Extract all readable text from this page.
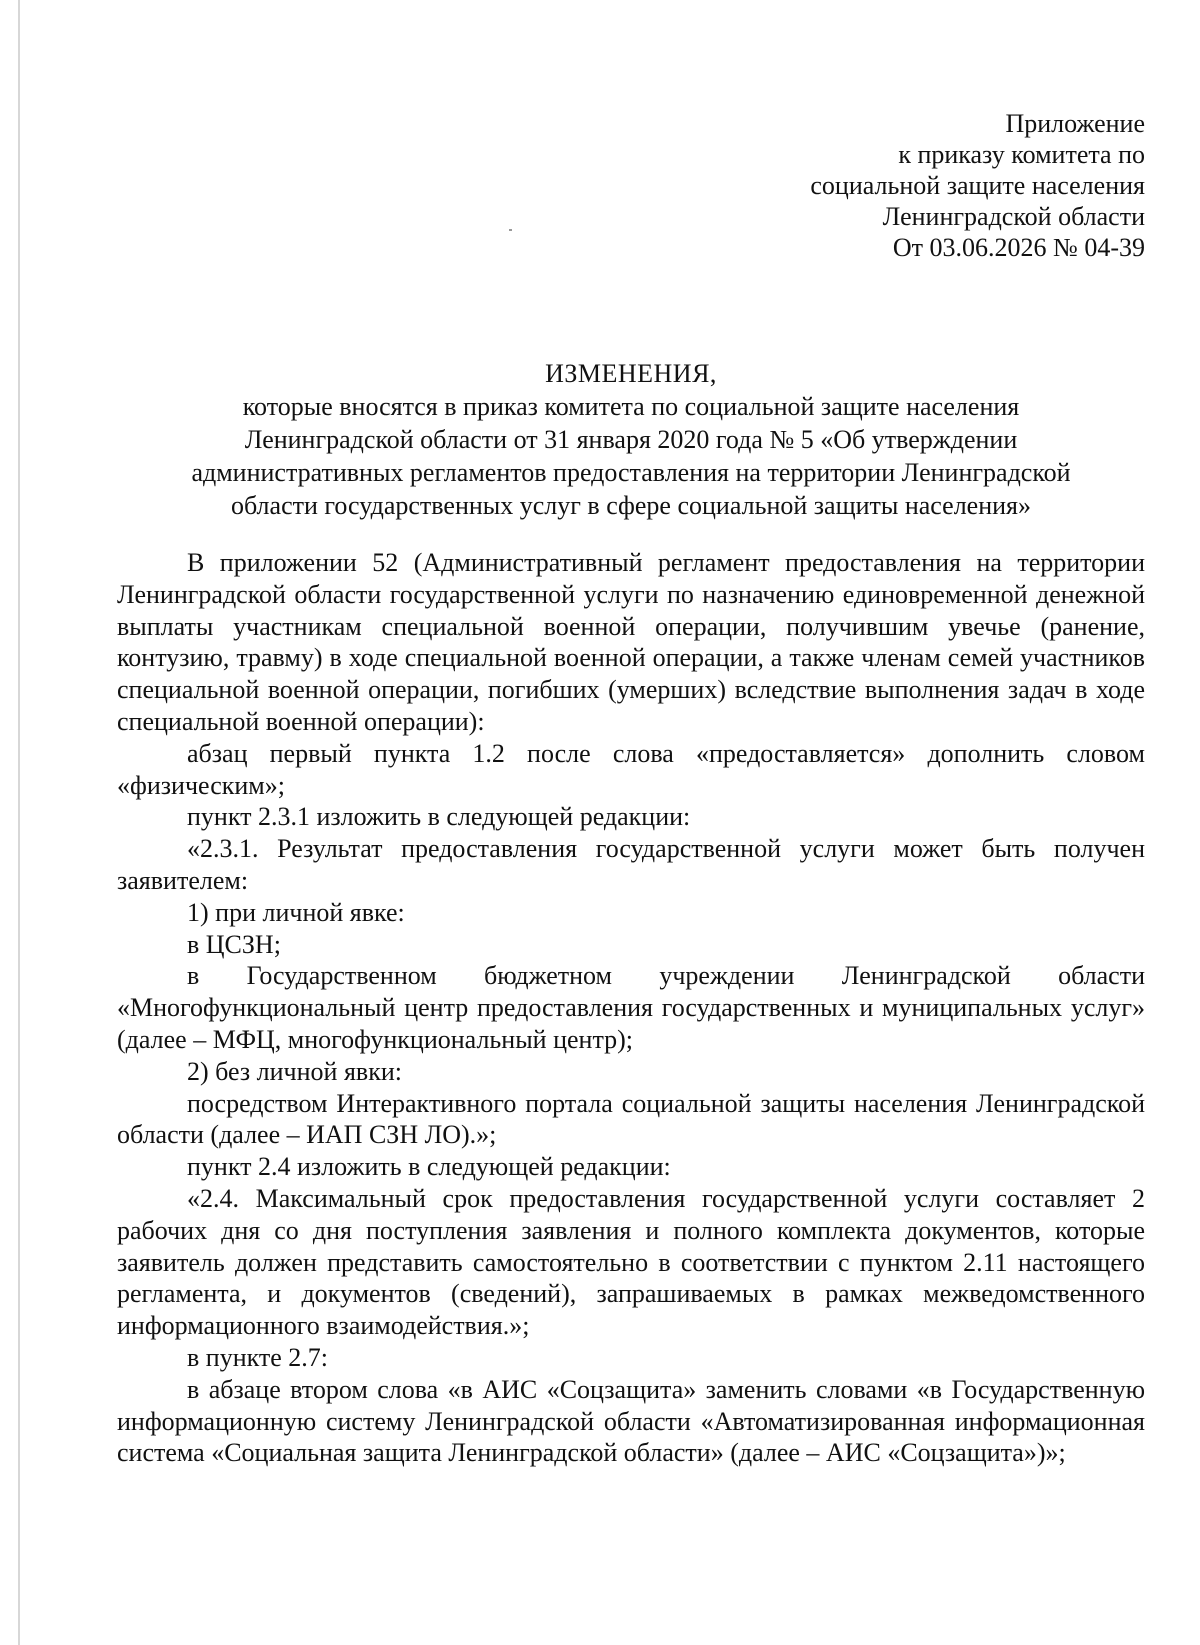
Приложение
к приказу комитета по
социальной защите населения
Ленинградской области
От 03.06.2026 № 04-39
ИЗМЕНЕНИЯ,
которые вносятся в приказ комитета по социальной защите населения
Ленинградской области от 31 января 2020 года № 5 «Об утверждении
административных регламентов предоставления на территории Ленинградской
области государственных услуг в сфере социальной защиты населения»

В приложении 52 (Административный регламент предоставления на территории Ленинградской области государственной услуги по назначению единовременной денежной выплаты участникам специальной военной операции, получившим увечье (ранение, контузию, травму) в ходе специальной военной операции, а также членам семей участников специальной военной операции, погибших (умерших) вследствие выполнения задач в ходе специальной военной операции):

абзац первый пункта 1.2 после слова «предоставляется» дополнить словом «физическим»;

пункт 2.3.1 изложить в следующей редакции:

«2.3.1. Результат предоставления государственной услуги может быть получен заявителем:

1) при личной явке:

в ЦСЗН;

в Государственном бюджетном учреждении Ленинградской области «Многофункциональный центр предоставления государственных и муниципальных услуг» (далее – МФЦ, многофункциональный центр);

2) без личной явки:

посредством Интерактивного портала социальной защиты населения Ленинградской области (далее – ИАП СЗН ЛО).»;

пункт 2.4 изложить в следующей редакции:

«2.4. Максимальный срок предоставления государственной услуги составляет 2 рабочих дня со дня поступления заявления и полного комплекта документов, которые заявитель должен представить самостоятельно в соответствии с пунктом 2.11 настоящего регламента, и документов (сведений), запрашиваемых в рамках межведомственного информационного взаимодействия.»;

в пункте 2.7:

в абзаце втором слова «в АИС «Соцзащита» заменить словами «в Государственную информационную систему Ленинградской области «Автоматизированная информационная система «Социальная защита Ленинградской области» (далее – АИС «Соцзащита»)»;
